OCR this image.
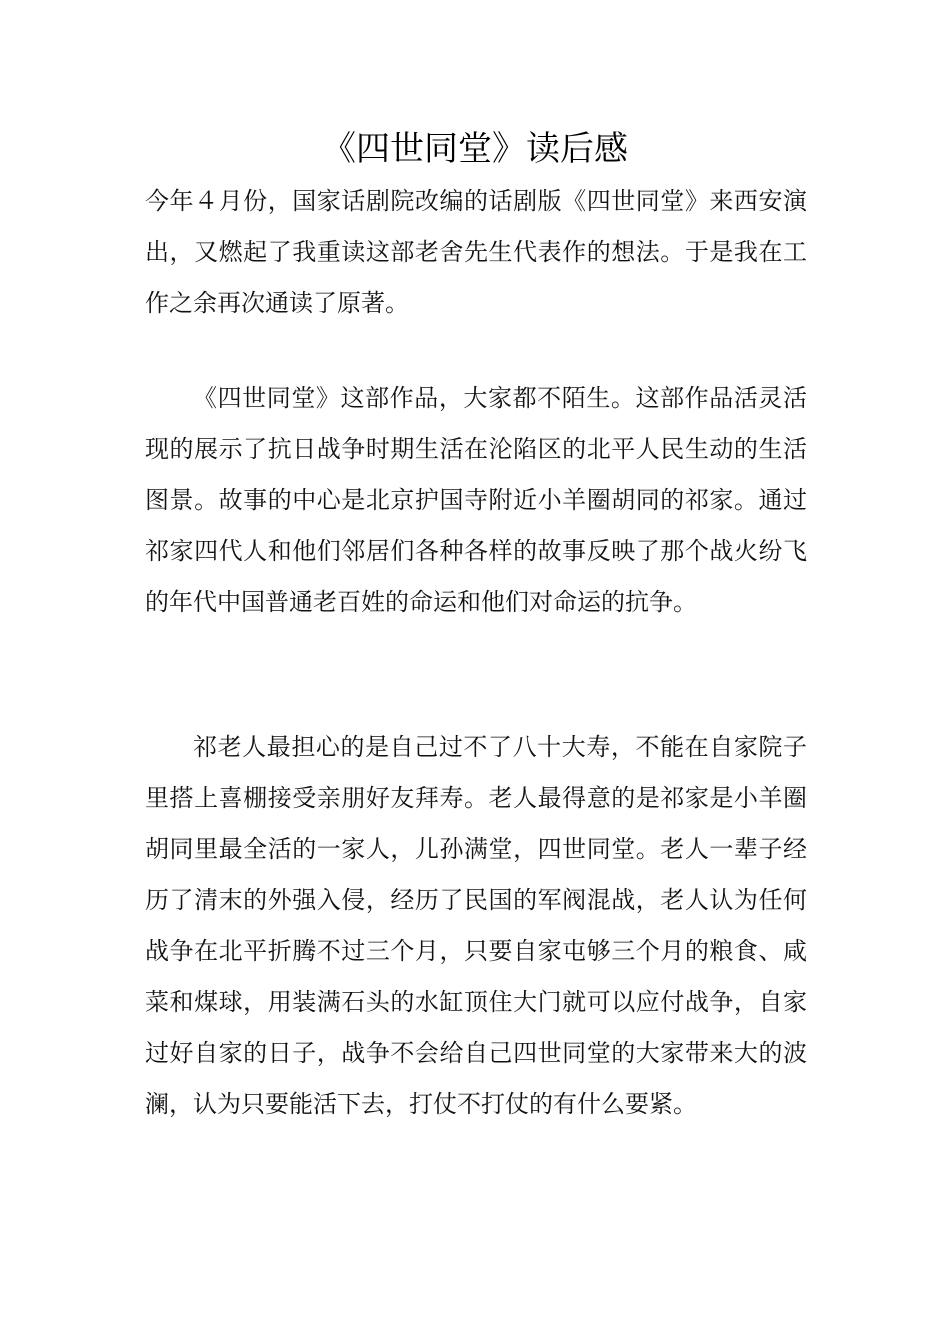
《四世同堂》读后感

今年４月份，国家话剧院改编的话剧版《四世同堂》来西安演出，又燃起了我重读这部老舍先生代表作的想法。于是我在工作之余再次通读了原著。

《四世同堂》这部作品，大家都不陌生。这部作品活灵活现的展示了抗日战争时期生活在沦陷区的北平人民生动的生活图景。故事的中心是北京护国寺附近小羊圈胡同的祁家。通过祁家四代人和他们邻居们各种各样的故事反映了那个战火纷飞的年代中国普通老百姓的命运和他们对命运的抗争。

祁老人最担心的是自己过不了八十大寿，不能在自家院子里搭上喜棚接受亲朋好友拜寿。老人最得意的是祁家是小羊圈胡同里最全活的一家人，儿孙满堂，四世同堂。老人一辈子经历了清末的外强入侵，经历了民国的军阀混战，老人认为任何战争在北平折腾不过三个月，只要自家屯够三个月的粮食、咸菜和煤球，用装满石头的水缸顶住大门就可以应付战争，自家过好自家的日子，战争不会给自己四世同堂的大家带来大的波澜，认为只要能活下去，打仗不打仗的有什么要紧。
